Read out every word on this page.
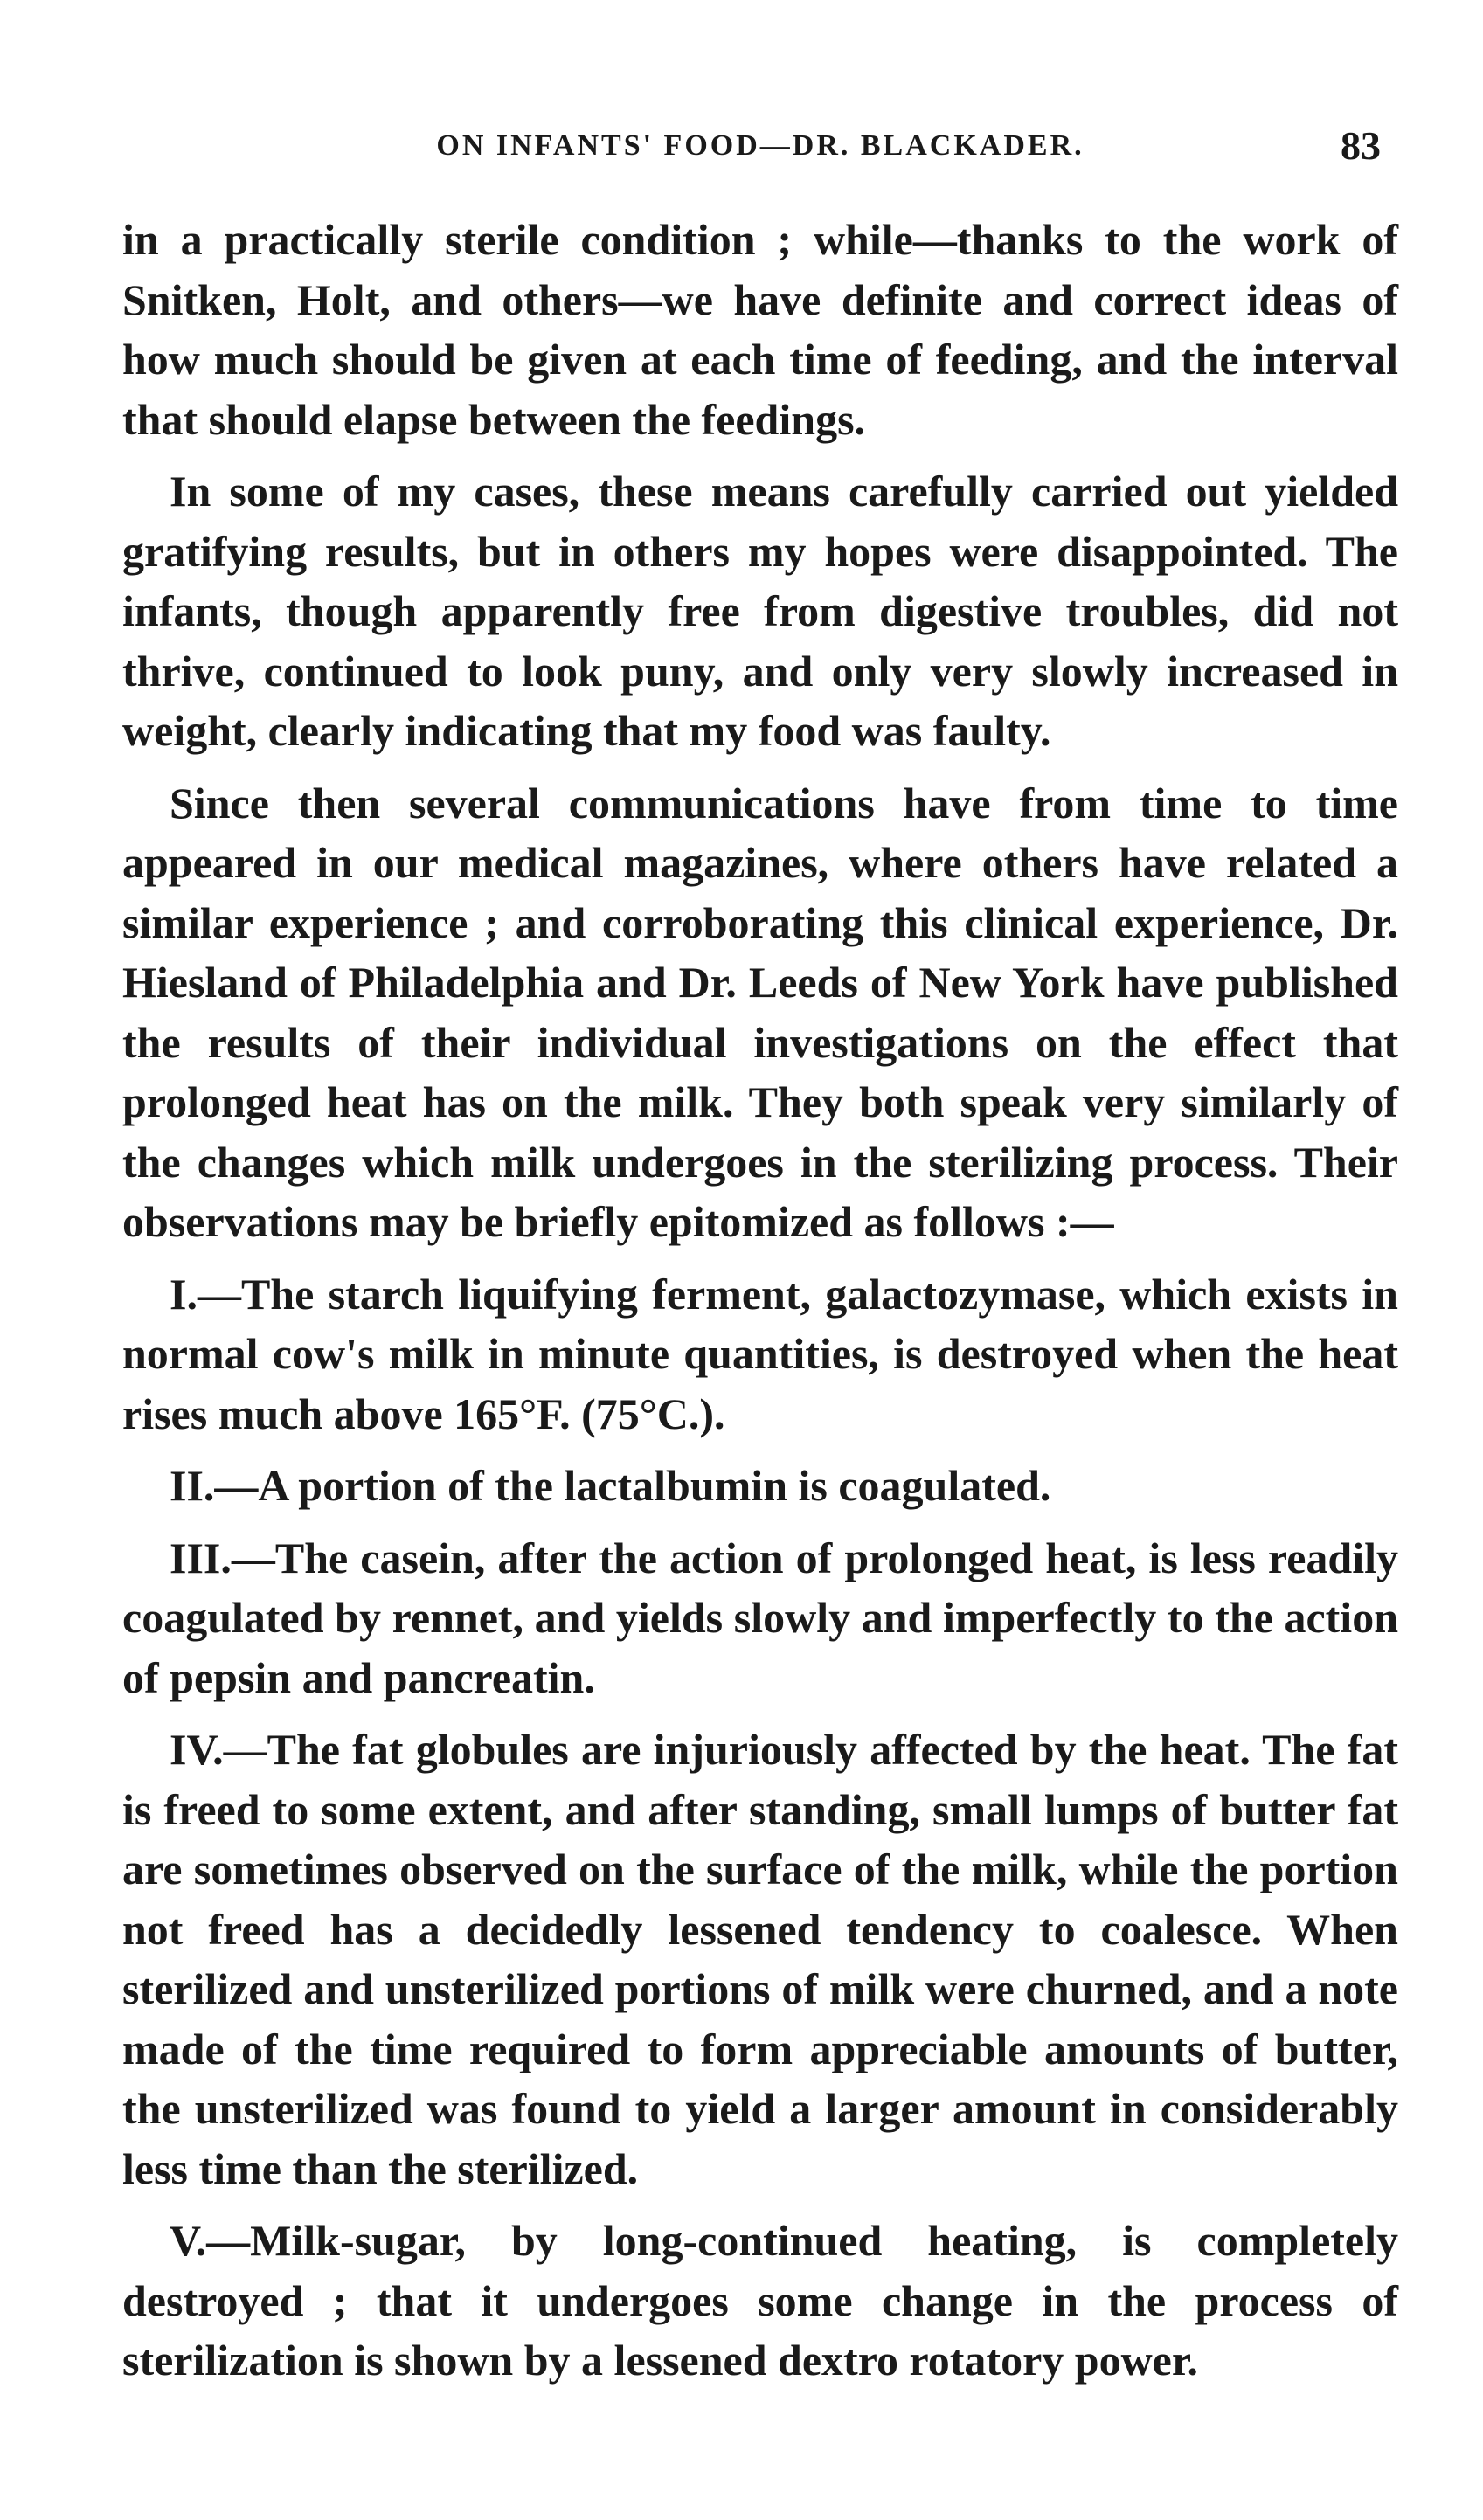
ON INFANTS' FOOD—DR. BLACKADER.	83

in a practically sterile condition ; while—thanks to the work of Snitken, Holt, and others—we have definite and correct ideas of how much should be given at each time of feeding, and the interval that should elapse between the feedings.

In some of my cases, these means carefully carried out yielded gratifying results, but in others my hopes were disappointed. The infants, though apparently free from digestive troubles, did not thrive, continued to look puny, and only very slowly increased in weight, clearly indicating that my food was faulty.

Since then several communications have from time to time appeared in our medical magazines, where others have related a similar experience ; and corroborating this clinical experience, Dr. Hiesland of Philadelphia and Dr. Leeds of New York have published the results of their individual investigations on the effect that prolonged heat has on the milk. They both speak very similarly of the changes which milk undergoes in the sterilizing process. Their observations may be briefly epitomized as follows :—

I.—The starch liquifying ferment, galactozymase, which exists in normal cow's milk in minute quantities, is destroyed when the heat rises much above 165°F. (75°C.).

II.—A portion of the lactalbumin is coagulated.

III.—The casein, after the action of prolonged heat, is less readily coagulated by rennet, and yields slowly and imperfectly to the action of pepsin and pancreatin.

IV.—The fat globules are injuriously affected by the heat. The fat is freed to some extent, and after standing, small lumps of butter fat are sometimes observed on the surface of the milk, while the portion not freed has a decidedly lessened tendency to coalesce. When sterilized and unsterilized portions of milk were churned, and a note made of the time required to form appreciable amounts of butter, the unsterilized was found to yield a larger amount in considerably less time than the sterilized.

V.—Milk-sugar, by long-continued heating, is completely destroyed ; that it undergoes some change in the process of sterilization is shown by a lessened dextro rotatory power.
